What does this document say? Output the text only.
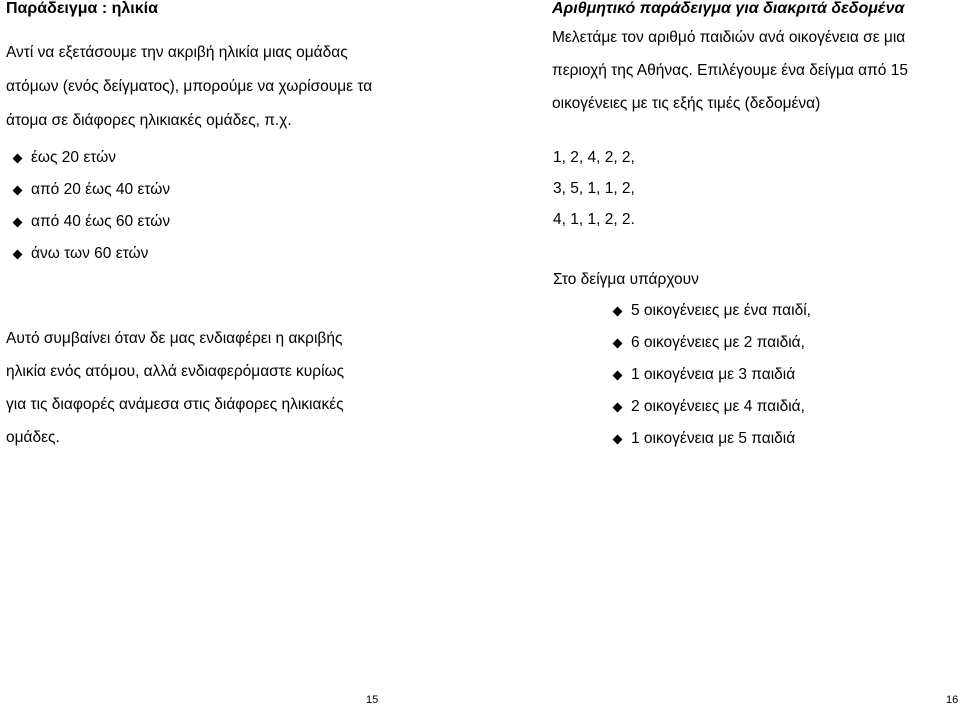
Παράδειγμα : ηλικία
Αντί να εξετάσουμε την ακριβή ηλικία μιας ομάδας
ατόμων (ενός δείγματος), μπορούμε να χωρίσουμε τα
άτομα σε διάφορες ηλικιακές ομάδες, π.χ.
έως 20 ετών
από 20 έως 40 ετών
από 40 έως 60 ετών
άνω των 60 ετών
Αυτό συμβαίνει όταν δε μας ενδιαφέρει η ακριβής
ηλικία ενός ατόμου, αλλά ενδιαφερόμαστε κυρίως
για τις διαφορές ανάμεσα στις διάφορες ηλικιακές
ομάδες.
15
Αριθμητικό παράδειγμα για διακριτά δεδομένα
Μελετάμε τον αριθμό παιδιών ανά οικογένεια σε μια
περιοχή της Αθήνας. Επιλέγουμε ένα δείγμα από 15
οικογένειες με τις εξής τιμές (δεδομένα)
1, 2, 4, 2, 2,
3, 5, 1, 1, 2,
4, 1, 1, 2, 2.
Στο δείγμα υπάρχουν
5 οικογένειες με ένα παιδί,
6 οικογένειες με 2 παιδιά,
1 οικογένεια με 3 παιδιά
2 οικογένειες με 4 παιδιά,
1 οικογένεια με 5 παιδιά
16
